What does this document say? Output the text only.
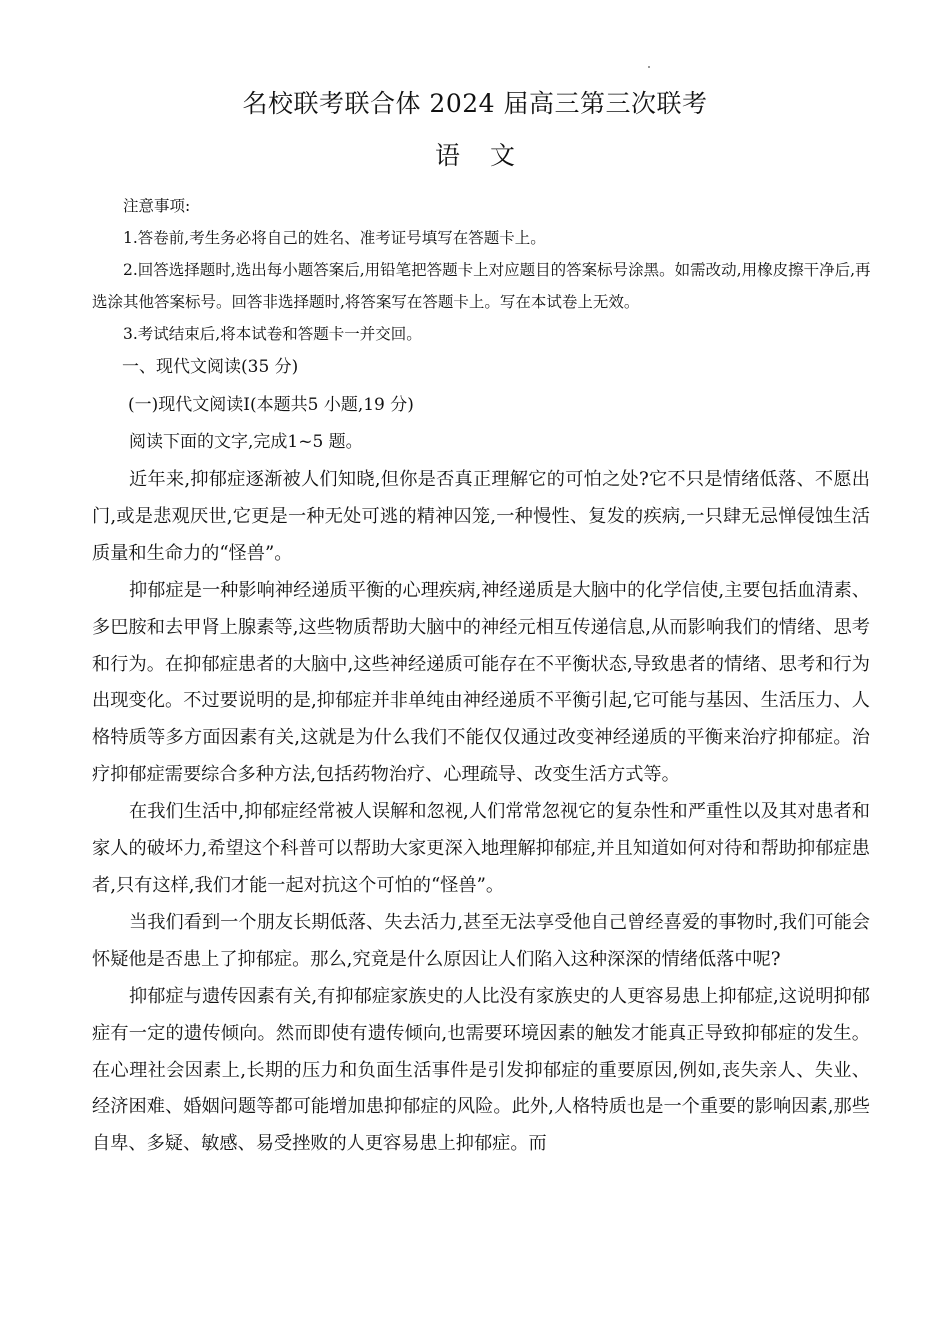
名校联考联合体 2024 届高三第三次联考
语文

注意事项:

1.答卷前,考生务必将自己的姓名、准考证号填写在答题卡上。

2.回答选择题时,选出每小题答案后,用铅笔把答题卡上对应题目的答案标号涂黑。如需改动,用橡皮擦干净后,再选涂其他答案标号。回答非选择题时,将答案写在答题卡上。写在本试卷上无效。

3.考试结束后,将本试卷和答题卡一并交回。

一、现代文阅读(35 分)
(一)现代文阅读Ⅰ(本题共5 小题,19 分)
阅读下面的文字,完成1~5 题。

近年来,抑郁症逐渐被人们知晓,但你是否真正理解它的可怕之处?它不只是情绪低落、不愿出门,或是悲观厌世,它更是一种无处可逃的精神囚笼,一种慢性、复发的疾病,一只肆无忌惮侵蚀生活质量和生命力的“怪兽”。

抑郁症是一种影响神经递质平衡的心理疾病,神经递质是大脑中的化学信使,主要包括血清素、多巴胺和去甲肾上腺素等,这些物质帮助大脑中的神经元相互传递信息,从而影响我们的情绪、思考和行为。在抑郁症患者的大脑中,这些神经递质可能存在不平衡状态,导致患者的情绪、思考和行为出现变化。不过要说明的是,抑郁症并非单纯由神经递质不平衡引起,它可能与基因、生活压力、人格特质等多方面因素有关,这就是为什么我们不能仅仅通过改变神经递质的平衡来治疗抑郁症。治疗抑郁症需要综合多种方法,包括药物治疗、心理疏导、改变生活方式等。

在我们生活中,抑郁症经常被人误解和忽视,人们常常忽视它的复杂性和严重性以及其对患者和家人的破坏力,希望这个科普可以帮助大家更深入地理解抑郁症,并且知道如何对待和帮助抑郁症患者,只有这样,我们才能一起对抗这个可怕的“怪兽”。

当我们看到一个朋友长期低落、失去活力,甚至无法享受他自己曾经喜爱的事物时,我们可能会怀疑他是否患上了抑郁症。那么,究竟是什么原因让人们陷入这种深深的情绪低落中呢?

抑郁症与遗传因素有关,有抑郁症家族史的人比没有家族史的人更容易患上抑郁症,这说明抑郁症有一定的遗传倾向。然而即使有遗传倾向,也需要环境因素的触发才能真正导致抑郁症的发生。在心理社会因素上,长期的压力和负面生活事件是引发抑郁症的重要原因,例如,丧失亲人、失业、经济困难、婚姻问题等都可能增加患抑郁症的风险。此外,人格特质也是一个重要的影响因素,那些自卑、多疑、敏感、易受挫败的人更容易患上抑郁症。而
